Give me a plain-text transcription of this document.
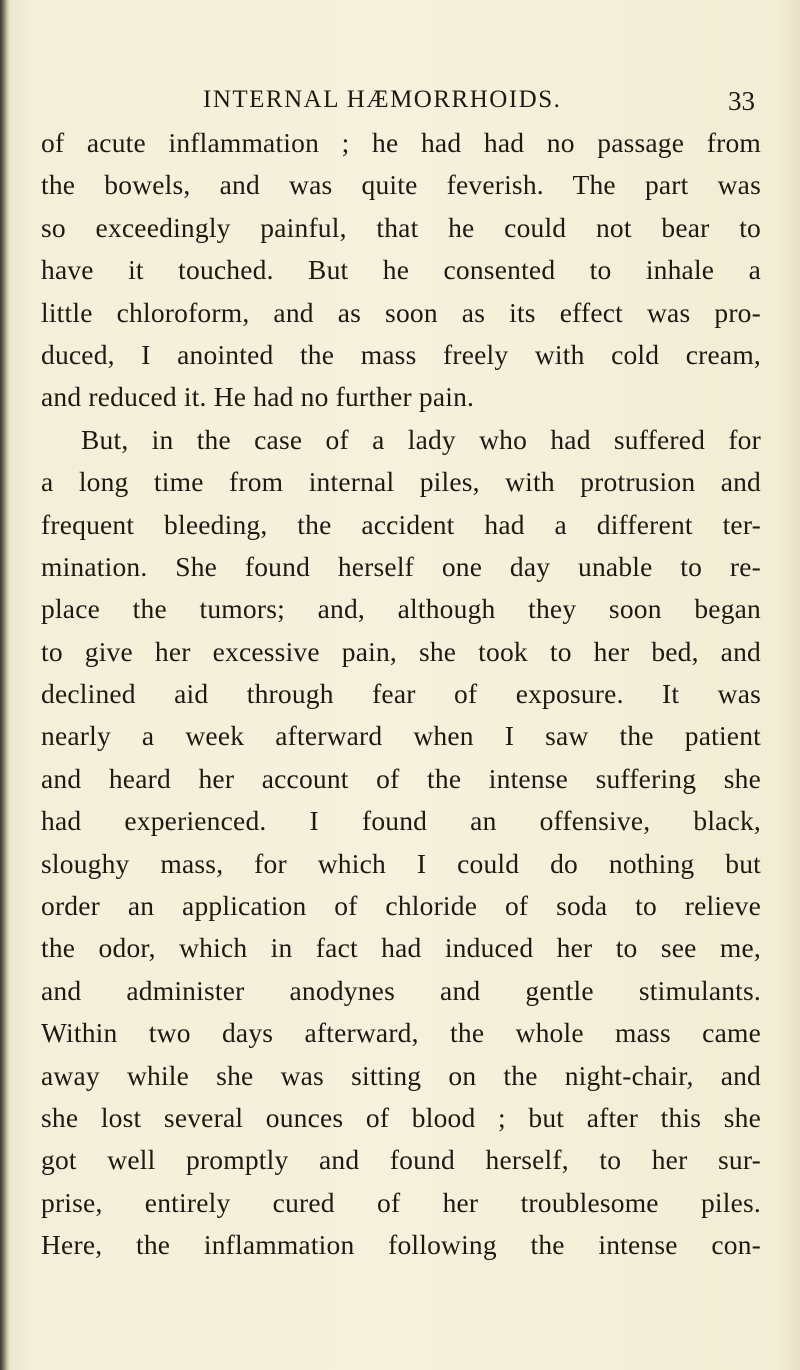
INTERNAL HÆMORRHOIDS.	33
of acute inflammation ; he had had no passage from
the bowels, and was quite feverish. The part was
so exceedingly painful, that he could not bear to
have it touched. But he consented to inhale a
little chloroform, and as soon as its effect was pro-
duced, I anointed the mass freely with cold cream,
and reduced it. He had no further pain.
But, in the case of a lady who had suffered for
a long time from internal piles, with protrusion and
frequent bleeding, the accident had a different ter-
mination. She found herself one day unable to re-
place the tumors; and, although they soon began
to give her excessive pain, she took to her bed, and
declined aid through fear of exposure. It was
nearly a week afterward when I saw the patient
and heard her account of the intense suffering she
had experienced. I found an offensive, black,
sloughy mass, for which I could do nothing but
order an application of chloride of soda to relieve
the odor, which in fact had induced her to see me,
and administer anodynes and gentle stimulants.
Within two days afterward, the whole mass came
away while she was sitting on the night-chair, and
she lost several ounces of blood ; but after this she
got well promptly and found herself, to her sur-
prise, entirely cured of her troublesome piles.
Here, the inflammation following the intense con-
